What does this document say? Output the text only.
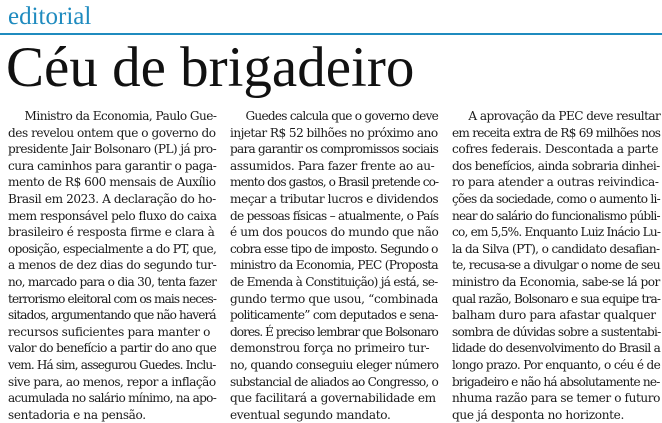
editorial
Céu de brigadeiro
Ministro da Economia, Paulo Gue-
des revelou ontem que o governo do
presidente Jair Bolsonaro (PL) já pro-
cura caminhos para garantir o paga-
mento de R$ 600 mensais de Auxílio
Brasil em 2023. A declaração do ho-
mem responsável pelo fluxo do caixa
brasileiro é resposta firme e clara à
oposição, especialmente a do PT, que,
a menos de dez dias do segundo tur-
no, marcado para o dia 30, tenta fazer
terrorismo eleitoral com os mais neces-
sitados, argumentando que não haverá
recursos suficientes para manter o
valor do benefício a partir do ano que
vem. Há sim, assegurou Guedes. Inclu-
sive para, ao menos, repor a inflação
acumulada no salário mínimo, na apo-
sentadoria e na pensão.
Guedes calcula que o governo deve
injetar R$ 52 bilhões no próximo ano
para garantir os compromissos sociais
assumidos. Para fazer frente ao au-
mento dos gastos, o Brasil pretende co-
meçar a tributar lucros e dividendos
de pessoas físicas – atualmente, o País
é um dos poucos do mundo que não
cobra esse tipo de imposto. Segundo o
ministro da Economia, PEC (Proposta
de Emenda à Constituição) já está, se-
gundo termo que usou, “combinada
politicamente” com deputados e sena-
dores. É preciso lembrar que Bolsonaro
demonstrou força no primeiro tur-
no, quando conseguiu eleger número
substancial de aliados ao Congresso, o
que facilitará a governabilidade em
eventual segundo mandato.
A aprovação da PEC deve resultar
em receita extra de R$ 69 milhões nos
cofres federais. Descontada a parte
dos benefícios, ainda sobraria dinhei-
ro para atender a outras reivindica-
ções da sociedade, como o aumento li-
near do salário do funcionalismo públi-
co, em 5,5%. Enquanto Luiz Inácio Lu-
la da Silva (PT), o candidato desafian-
te, recusa-se a divulgar o nome de seu
ministro da Economia, sabe-se lá por
qual razão, Bolsonaro e sua equipe tra-
balham duro para afastar qualquer
sombra de dúvidas sobre a sustentabi-
lidade do desenvolvimento do Brasil a
longo prazo. Por enquanto, o céu é de
brigadeiro e não há absolutamente ne-
nhuma razão para se temer o futuro
que já desponta no horizonte.
